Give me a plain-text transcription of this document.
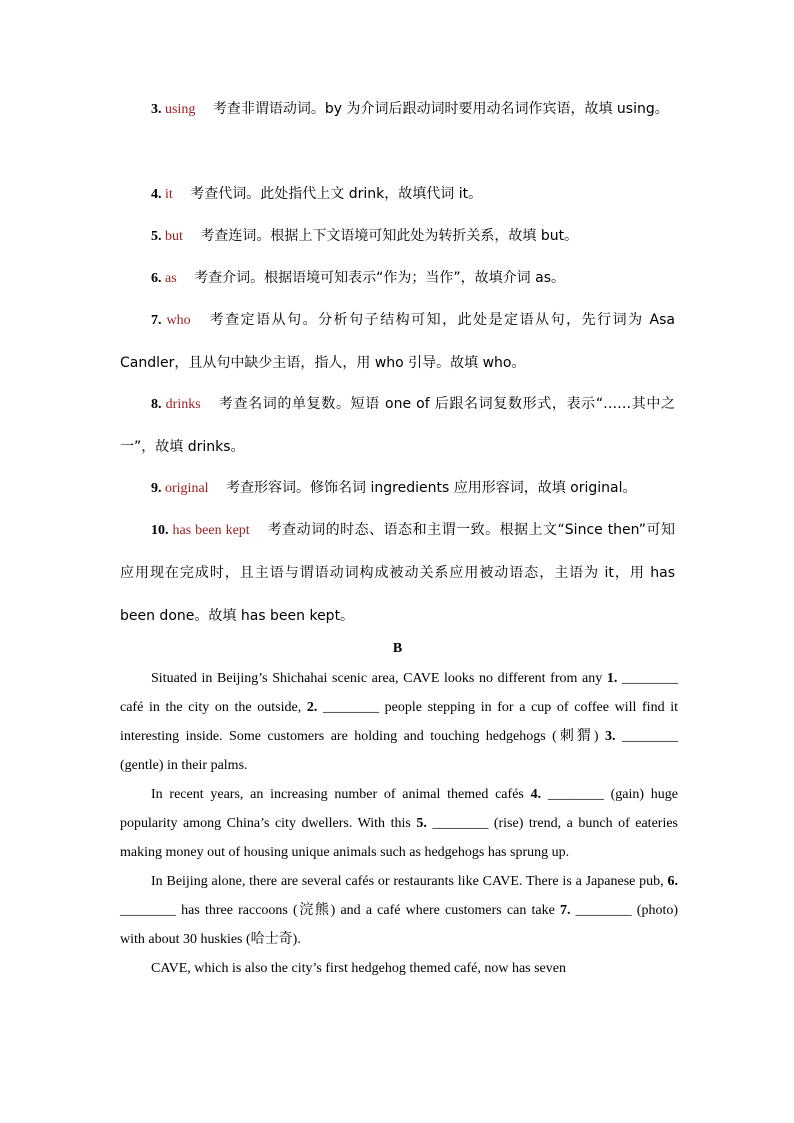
3. using 考查非谓语动词。by 为介词后跟动词时要用动名词作宾语，故填 using。
4. it 考查代词。此处指代上文 drink，故填代词 it。
5. but 考查连词。根据上下文语境可知此处为转折关系，故填 but。
6. as 考查介词。根据语境可知表示“作为；当作”，故填介词 as。
7. who 考查定语从句。分析句子结构可知，此处是定语从句，先行词为 Asa Candler，且从句中缺少主语，指人，用 who 引导。故填 who。
8. drinks 考查名词的单复数。短语 one of 后跟名词复数形式，表示“……其中之一”，故填 drinks。
9. original 考查形容词。修饰名词 ingredients 应用形容词，故填 original。
10. has been kept 考查动词的时态、语态和主谓一致。根据上文“Since then”可知应用现在完成时，且主语与谓语动词构成被动关系应用被动语态，主语为 it，用 has been done。故填 has been kept。
B

Situated in Beijing’s Shichahai scenic area, CAVE looks no different from any 1. ________ café in the city on the outside, 2. ________ people stepping in for a cup of coffee will find it interesting inside. Some customers are holding and touching hedgehogs (刺猬) 3. ________ (gentle) in their palms.

In recent years, an increasing number of animal themed cafés 4. ________ (gain) huge popularity among China’s city dwellers. With this 5. ________ (rise) trend, a bunch of eateries making money out of housing unique animals such as hedgehogs has sprung up.

In Beijing alone, there are several cafés or restaurants like CAVE. There is a Japanese pub, 6. ________ has three raccoons (浣熊) and a café where customers can take 7. ________ (photo) with about 30 huskies (哈士奇).

CAVE, which is also the city’s first hedgehog themed café, now has seven
